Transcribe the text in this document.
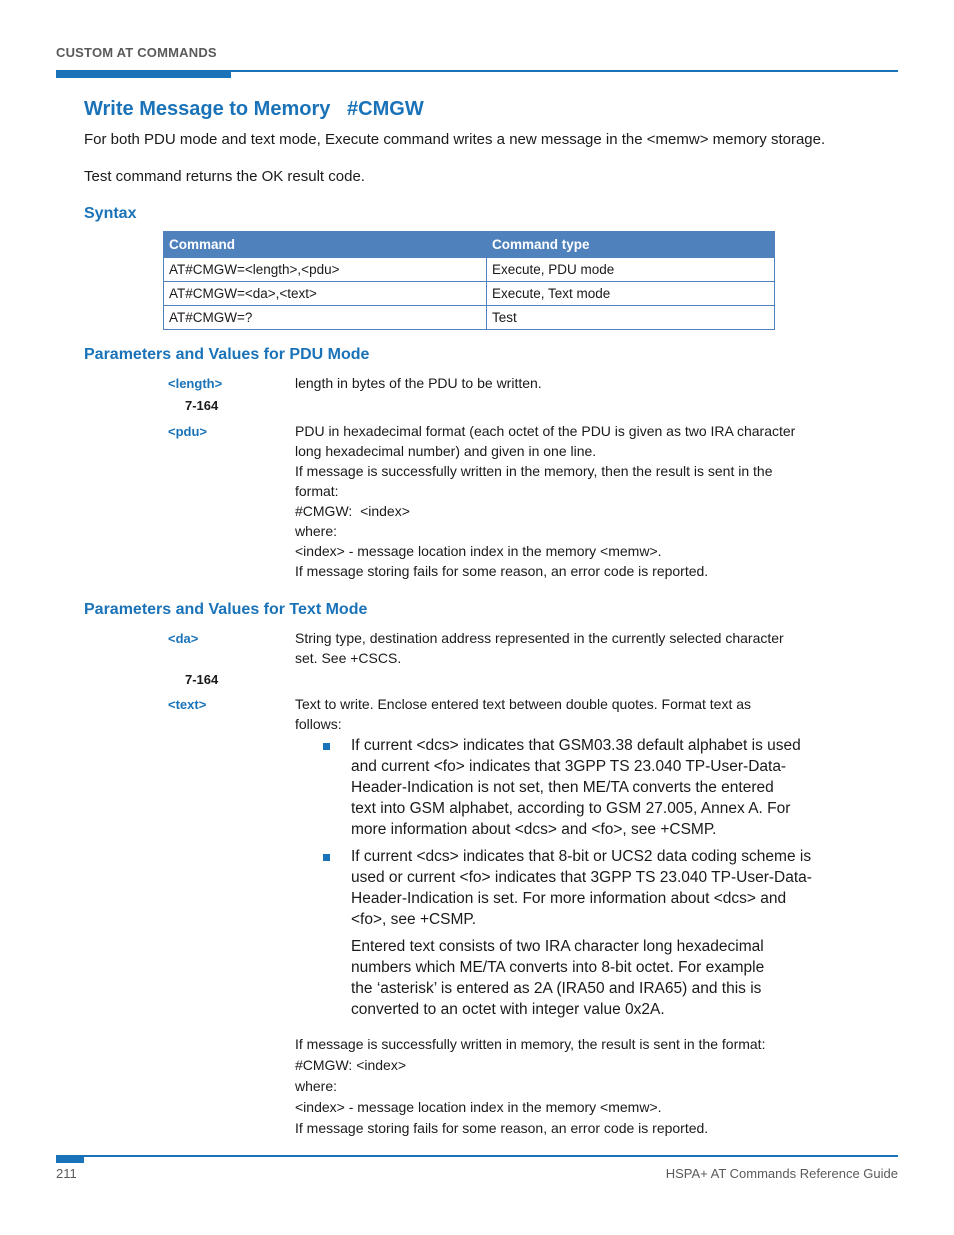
CUSTOM AT COMMANDS
Write Message to Memory   #CMGW
For both PDU mode and text mode, Execute command writes a new message in the <memw> memory storage.
Test command returns the OK result code.
Syntax
Command	Command type
AT#CMGW=<length>,<pdu>	Execute, PDU mode
AT#CMGW=<da>,<text>	Execute, Text mode
AT#CMGW=?	Test
Parameters and Values for PDU Mode
<length>	length in bytes of the PDU to be written.
7-164
<pdu>	PDU in hexadecimal format (each octet of the PDU is given as two IRA character
long hexadecimal number) and given in one line.
If message is successfully written in the memory, then the result is sent in the
format:
#CMGW:  <index>
where:
<index> - message location index in the memory <memw>.
If message storing fails for some reason, an error code is reported.
Parameters and Values for Text Mode
<da>	String type, destination address represented in the currently selected character
set. See +CSCS.
7-164
<text>	Text to write. Enclose entered text between double quotes. Format text as
follows:
If current <dcs> indicates that GSM03.38 default alphabet is used
and current <fo> indicates that 3GPP TS 23.040 TP-User-Data-
Header-Indication is not set, then ME/TA converts the entered
text into GSM alphabet, according to GSM 27.005, Annex A. For
more information about <dcs> and <fo>, see +CSMP.
If current <dcs> indicates that 8-bit or UCS2 data coding scheme is
used or current <fo> indicates that 3GPP TS 23.040 TP-User-Data-
Header-Indication is set. For more information about <dcs> and
<fo>, see +CSMP.
Entered text consists of two IRA character long hexadecimal
numbers which ME/TA converts into 8-bit octet. For example
the ‘asterisk’ is entered as 2A (IRA50 and IRA65) and this is
converted to an octet with integer value 0x2A.
If message is successfully written in memory, the result is sent in the format:
#CMGW: <index>
where:
<index> - message location index in the memory <memw>.
If message storing fails for some reason, an error code is reported.
211	HSPA+ AT Commands Reference Guide
